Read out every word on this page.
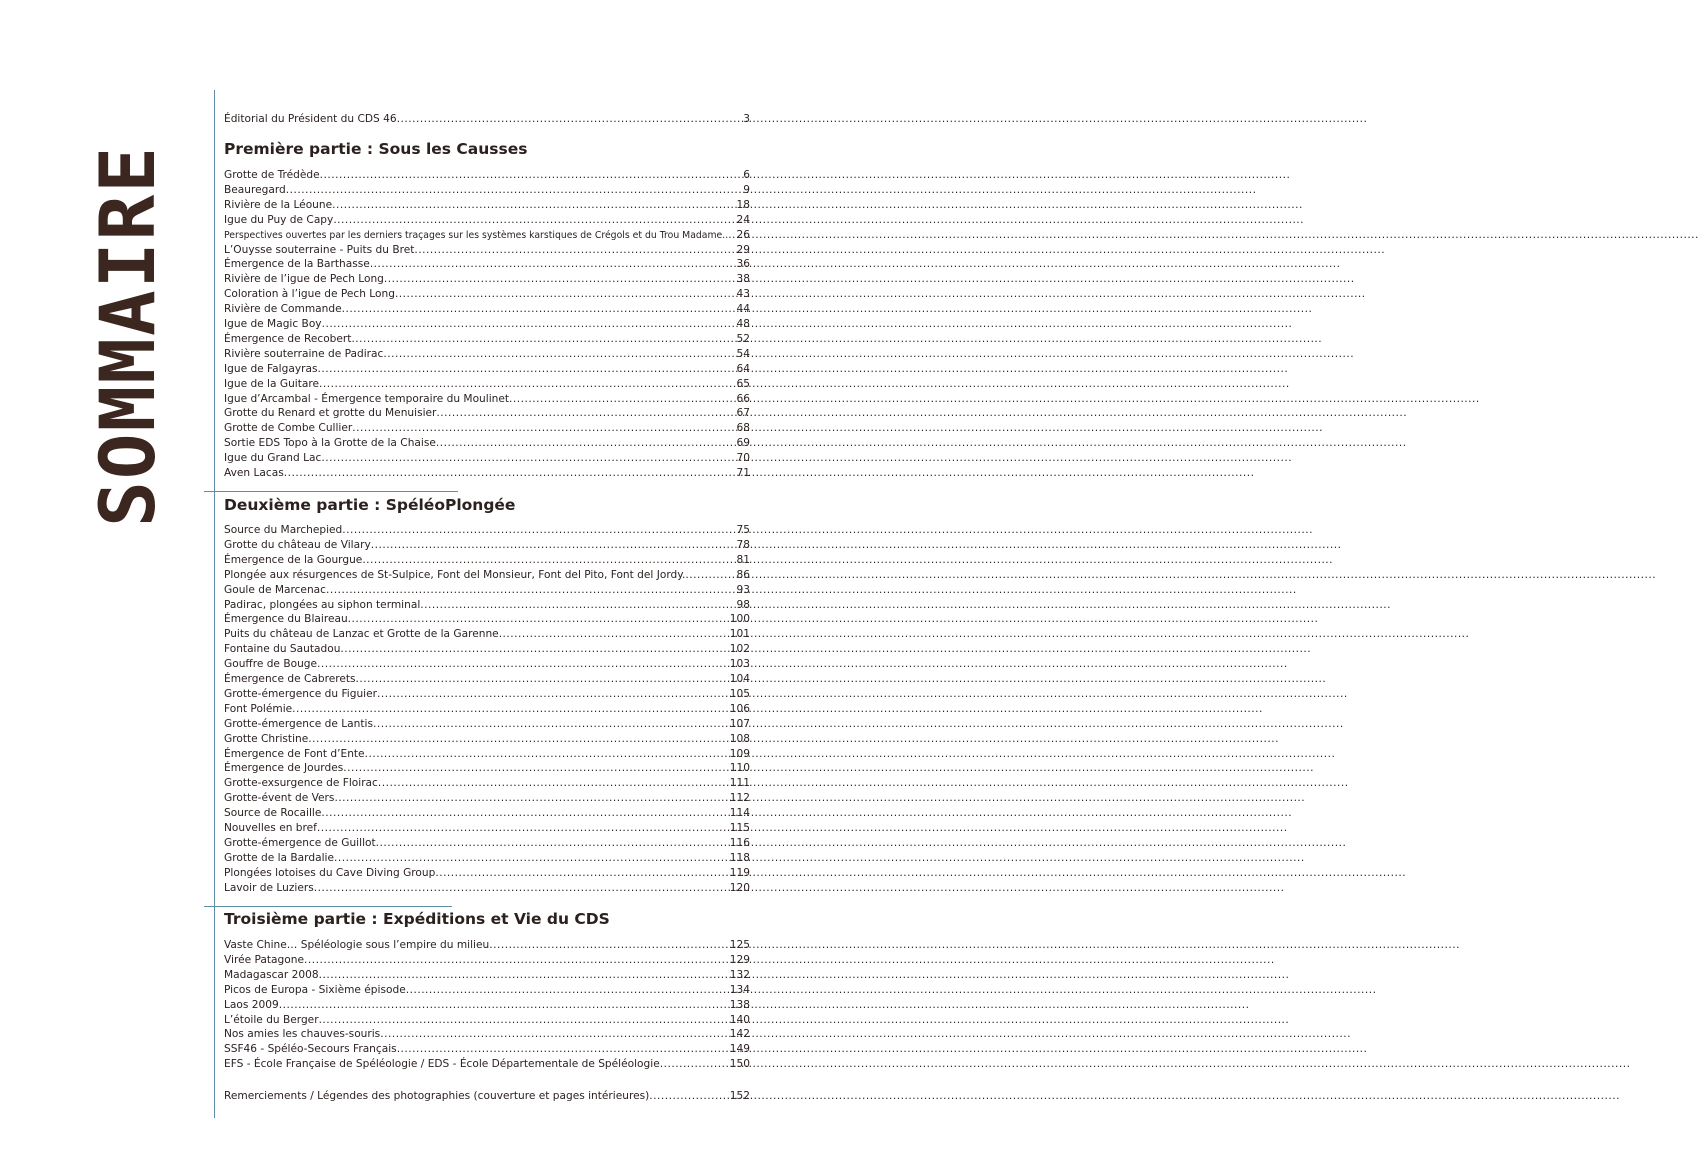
SOMMAIRE
Éditorial du Président du CDS 46 .....	3
Première partie : Sous les Causses
Grotte de Trédède .....	6
Beauregard .....	9
Rivière de la Léoune .....	18
Igue du Puy de Capy .....	24
Perspectives ouvertes par les derniers traçages sur les systèmes karstiques de Crégols et du Trou Madame.. ..... 26
L’Ouysse souterraine - Puits du Bret .....	29
Émergence de la Barthasse .....	36
Rivière de l’igue de Pech Long .....	38
Coloration à l’igue de Pech Long .....	43
Rivière de Commande .....	44
Igue de Magic Boy .....	48
Émergence de Recobert .....	52
Rivière souterraine de Padirac .....	54
Igue de Falgayras .....	64
Igue de la Guitare .....	65
Igue d’Arcambal - Émergence temporaire du Moulinet .....	66
Grotte du Renard et grotte du Menuisier .....	67
Grotte de Combe Cullier .....	68
Sortie EDS Topo à la Grotte de la Chaise .....	69
Igue du Grand Lac .....	70
Aven Lacas .....	71
Deuxième partie : SpéléoPlongée
Source du Marchepied .....	75
Grotte du château de Vilary .....	78
Émergence de la Gourgue .....	81
Plongée aux résurgences de St-Sulpice, Font del Monsieur, Font del Pito, Font del Jordy. .....	86
Goule de Marcenac .....	93
Padirac, plongées au siphon terminal .....	98
Émergence du Blaireau .....	100
Puits du château de Lanzac et Grotte de la Garenne .....	101
Fontaine du Sautadou .....	102
Gouffre de Bouge .....	103
Émergence de Cabrerets .....	104
Grotte-émergence du Figuier .....	105
Font Polémie .....	106
Grotte-émergence de Lantis .....	107
Grotte Christine .....	108
Émergence de Font d’Ente .....	109
Émergence de Jourdes .....	110
Grotte-exsurgence de Floirac .....	111
Grotte-évent de Vers .....	112
Source de Rocaille .....	114
Nouvelles en bref .....	115
Grotte-émergence de Guillot .....	116
Grotte de la Bardalie .....	118
Plongées lotoises du Cave Diving Group .....	119
Lavoir de Luziers .....	120
Troisième partie : Expéditions et Vie du CDS
Vaste Chine… Spéléologie sous l’empire du milieu .....	125
Virée Patagone .....	129
Madagascar 2008 .....	132
Picos de Europa - Sixième épisode .....	134
Laos 2009 .....	138
L’étoile du Berger .....	140
Nos amies les chauves-souris .....	142
SSF46 - Spéléo-Secours Français .....	149
EFS - École Française de Spéléologie / EDS - École Départementale de Spéléologie .....	150
Remerciements / Légendes des photographies (couverture et pages intérieures) .....	152
